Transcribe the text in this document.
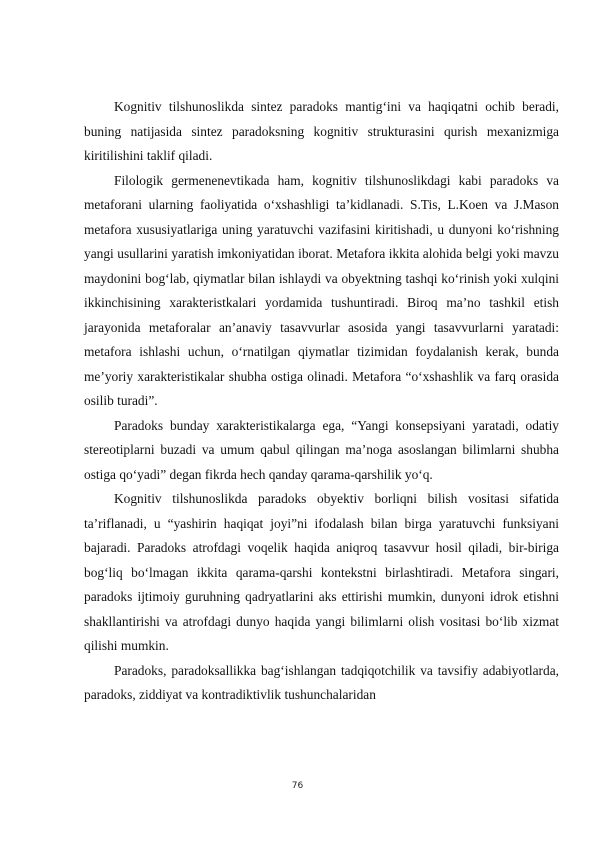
Kognitiv tilshunoslikda sintez paradoks mantig‘ini va haqiqatni ochib beradi, buning natijasida sintez paradoksning kognitiv strukturasini qurish mexanizmiga kiritilishini taklif qiladi.

Filologik germenenevtikada ham, kognitiv tilshunoslikdagi kabi paradoks va metaforani ularning faoliyatida o‘xshashligi ta’kidlanadi. S.Tis, L.Koen va J.Mason metafora xususiyatlariga uning yaratuvchi vazifasini kiritishadi, u dunyoni ko‘rishning yangi usullarini yaratish imkoniyatidan iborat. Metafora ikkita alohida belgi yoki mavzu maydonini bog‘lab, qiymatlar bilan ishlaydi va obyektning tashqi ko‘rinish yoki xulqini ikkinchisining xarakteristkalari yordamida tushuntiradi. Biroq ma’no tashkil etish jarayonida metaforalar an’anaviy tasavvurlar asosida yangi tasavvurlarni yaratadi: metafora ishlashi uchun, o‘rnatilgan qiymatlar tizimidan foydalanish kerak, bunda me’yoriy xarakteristikalar shubha ostiga olinadi. Metafora “o‘xshashlik va farq orasida osilib turadi”.

Paradoks bunday xarakteristikalarga ega, “Yangi konsepsiyani yaratadi, odatiy stereotiplarni buzadi va umum qabul qilingan ma’noga asoslangan bilimlarni shubha ostiga qo‘yadi” degan fikrda hech qanday qarama-qarshilik yo‘q.

Kognitiv tilshunoslikda paradoks obyektiv borliqni bilish vositasi sifatida ta’riflanadi, u “yashirin haqiqat joyi”ni ifodalash bilan birga yaratuvchi funksiyani bajaradi. Paradoks atrofdagi voqelik haqida aniqroq tasavvur hosil qiladi, bir-biriga bog‘liq bo‘lmagan ikkita qarama-qarshi kontekstni birlashtiradi. Metafora singari, paradoks ijtimoiy guruhning qadryatlarini aks ettirishi mumkin, dunyoni idrok etishni shakllantirishi va atrofdagi dunyo haqida yangi bilimlarni olish vositasi bo‘lib xizmat qilishi mumkin.

Paradoks, paradoksallikka bag‘ishlangan tadqiqotchilik va tavsifiy adabiyotlarda, paradoks, ziddiyat va kontradiktivlik tushunchalaridan

76
